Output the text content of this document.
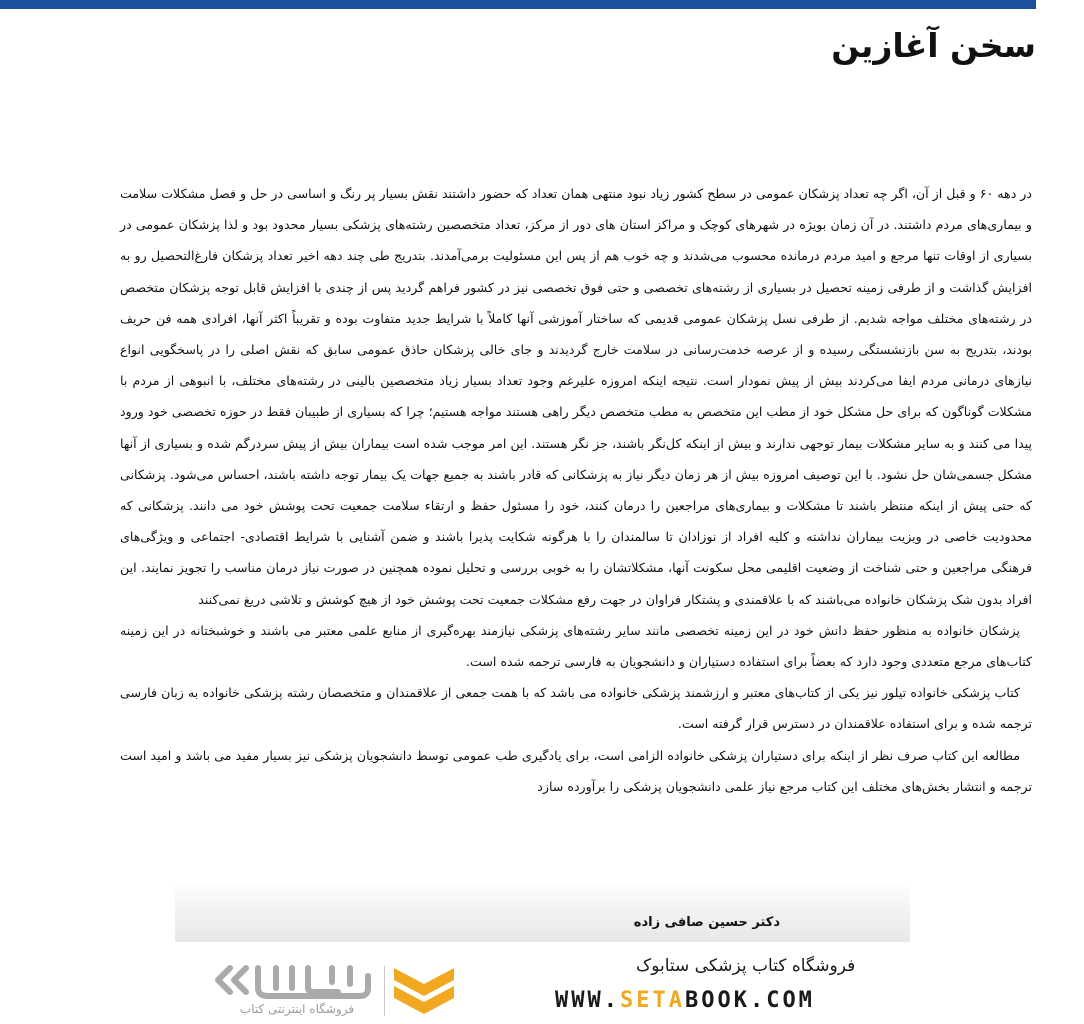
سخن آغازین

در دهه ۶۰ و قبل از آن، اگر چه تعداد پزشکان عمومی در سطح کشور زیاد نبود منتهی همان تعداد که حضور داشتند نقش بسیار پر رنگ و اساسی در حل و فصل مشکلات سلامت و بیماری‌های مردم داشتند. در آن زمان بویژه در شهرهای کوچک و مراکز استان های دور از مرکز، تعداد متخصصین رشته‌های پزشکی بسیار محدود بود و لذا پزشکان عمومی در بسیاری از اوقات تنها مرجع و امید مردم درمانده محسوب می‌شدند و چه خوب هم از پس این مسئولیت برمی‌آمدند. بتدریج طی چند دهه اخیر تعداد پزشکان فارغ‌التحصیل رو به افزایش گذاشت و از طرفی زمینه تحصیل در بسیاری از رشته‌های تخصصی و حتی فوق تخصصی نیز در کشور فراهم گردید پس از چندی با افزایش قابل توجه پزشکان متخصص در رشته‌های مختلف مواجه شدیم. از طرفی نسل پزشکان عمومی قدیمی که ساختار آموزشی آنها کاملاً با شرایط جدید متفاوت بوده و تقریباً اکثر آنها، افرادی همه فن حریف بودند، بتدریج به سن بازنشستگی رسیده و از عرصه خدمت‌رسانی در سلامت خارج گردیدند و جای خالی پزشکان حاذق عمومی سابق که نقش اصلی را در پاسخگویی انواع نیازهای درمانی مردم ایفا می‌کردند بیش از پیش نمودار است. نتیجه اینکه امروزه علیرغم وجود تعداد بسیار زیاد متخصصین بالینی در رشته‌های مختلف، با انبوهی از مردم با مشکلات گوناگون که برای حل مشکل خود از مطب این متخصص به مطب متخصص دیگر راهی هستند مواجه هستیم؛ چرا که بسیاری از طبیبان فقط در حوزه تخصصی خود ورود پیدا می کنند و به سایر مشکلات بیمار توجهی ندارند و بیش از اینکه کل‌نگر باشند، جز نگر هستند. این امر موجب شده است بیماران بیش از پیش سردرگم شده و بسیاری از آنها مشکل جسمی‌شان حل نشود. با این توصیف امروزه بیش از هر زمان دیگر نیاز به پزشکانی که قادر باشند به جمیع جهات یک بیمار توجه داشته باشند، احساس می‌شود. پزشکانی که حتی پیش از اینکه منتظر باشند تا مشکلات و بیماری‌های مراجعین را درمان کنند، خود را مسئول حفظ و ارتقاء سلامت جمعیت تحت پوشش خود می دانند. پزشکانی که محدودیت خاصی در ویزیت بیماران نداشته و کلیه افراد از نوزادان تا سالمندان را با هرگونه شکایت پذیرا باشند و ضمن آشنایی با شرایط اقتصادی- اجتماعی و ویژگی‌های فرهنگی مراجعین و حتی شناخت از وضعیت اقلیمی محل سکونت آنها، مشکلاتشان را به خوبی بررسی و تحلیل نموده همچنین در صورت نیاز درمان مناسب را تجویز نمایند. این افراد بدون شک پزشکان خانواده می‌باشند که با علاقمندی و پشتکار فراوان در جهت رفع مشکلات جمعیت تحت پوشش خود از هیچ کوشش و تلاشی دریغ نمی‌کنند

پزشکان خانواده به منظور حفظ دانش خود در این زمینه تخصصی مانند سایر رشته‌های پزشکی نیازمند بهره‌گیری از منابع علمی معتبر می باشند و خوشبختانه در این زمینه کتاب‌های مرجع متعددی وجود دارد که بعضاً برای استفاده دستیاران و دانشجویان به فارسی ترجمه شده است.

کتاب پزشکی خانواده تیلور نیز یکی از کتاب‌های معتبر و ارزشمند پزشکی خانواده می باشد که با همت جمعی از علاقمندان و متخصصان رشته پزشکی خانواده به زبان فارسی ترجمه شده و برای استفاده علاقمندان در دسترس قرار گرفته است.

مطالعه این کتاب صرف نظر از اینکه برای دستیاران پزشکی خانواده الزامی است، برای یادگیری طب عمومی توسط دانشجویان پزشکی نیز بسیار مفید می باشد و امید است ترجمه و انتشار بخش‌های مختلف این کتاب مرجع نیاز علمی دانشجویان پزشکی را برآورده سازد

دکتر حسین صافی زاده
فروشگاه کتاب پزشکی ستابوک
WWW.SETABOOK.COM
فروشگاه اینترنتی کتاب
